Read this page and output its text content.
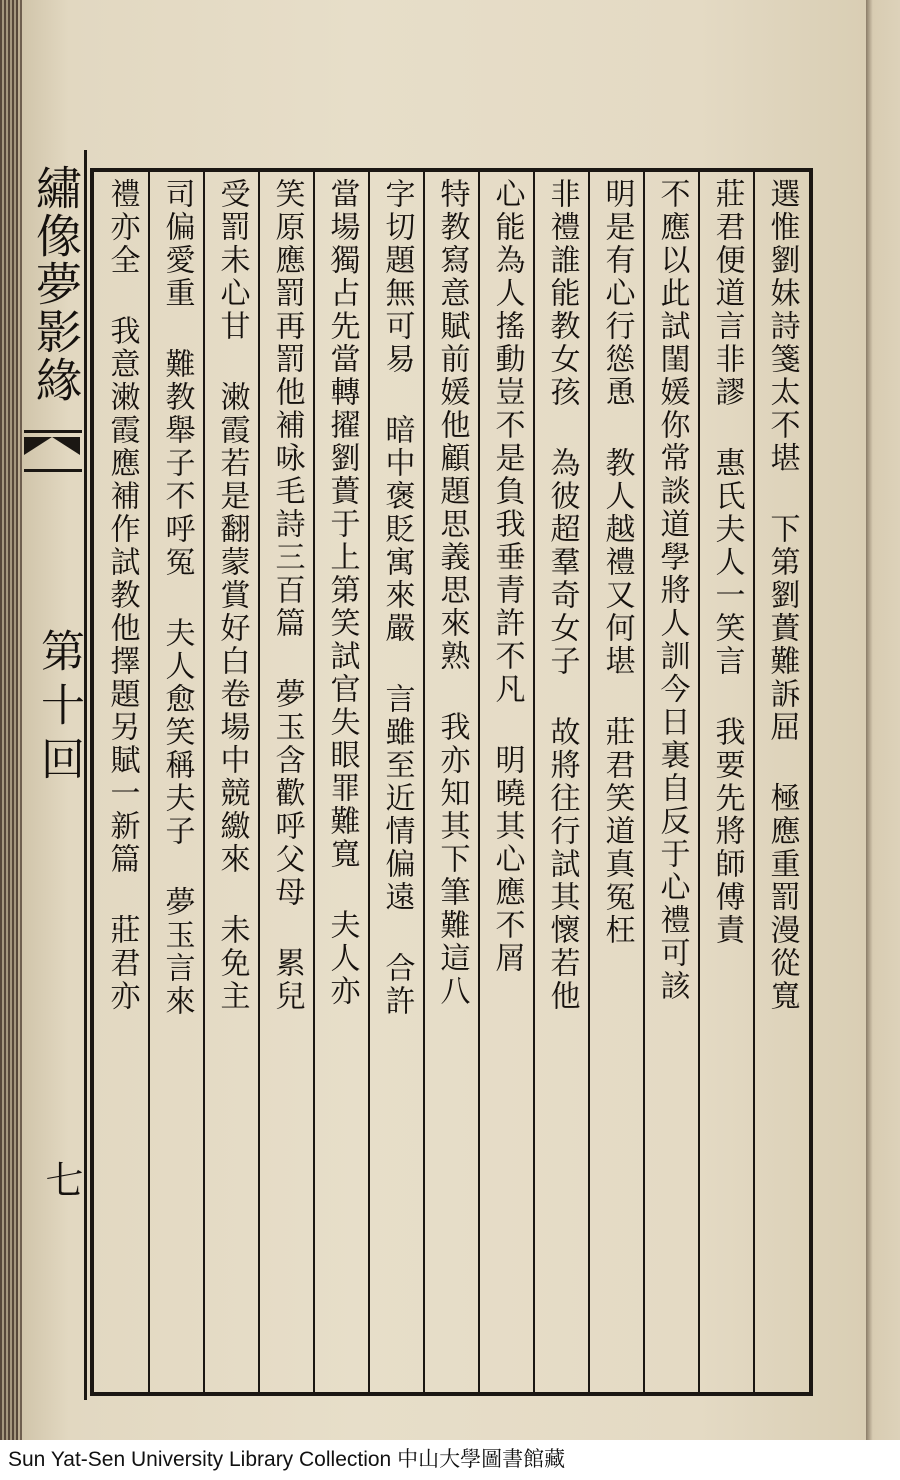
繡像夢影緣
第十回
七
選惟劉妹詩箋太不堪
下第劉蕢難訴屈
極應重罰漫從寬
莊君便道言非謬
惠氏夫人一笑言
我要先將師傅責
不應以此試閨媛你常談道學將人訓今日裏自反于心禮可該
明是有心行慫恿
教人越禮又何堪
莊君笑道真冤枉
非禮誰能教女孩
為彼超羣奇女子
故將往行試其懷若他
心能為人搖動豈不是負我垂青許不凡
明曉其心應不屑
特教寫意賦前媛他顧題思義思來熟
我亦知其下筆難這八
字切題無可易
暗中褒貶寓來嚴
言雖至近情偏遠
合許
當場獨占先當轉擢劉蕢于上第笑試官失眼罪難寬
夫人亦
笑原應罰再罰他補咏毛詩三百篇
夢玉含歡呼父母
累兒
受罰未心甘
潄霞若是翻蒙賞好白卷場中競繳來
未免主
司偏愛重
難教舉子不呼冤
夫人愈笑稱夫子
夢玉言來
禮亦全
我意潄霞應補作試教他擇題另賦一新篇
莊君亦
Sun Yat-Sen University Library Collection 中山大學圖書館藏
